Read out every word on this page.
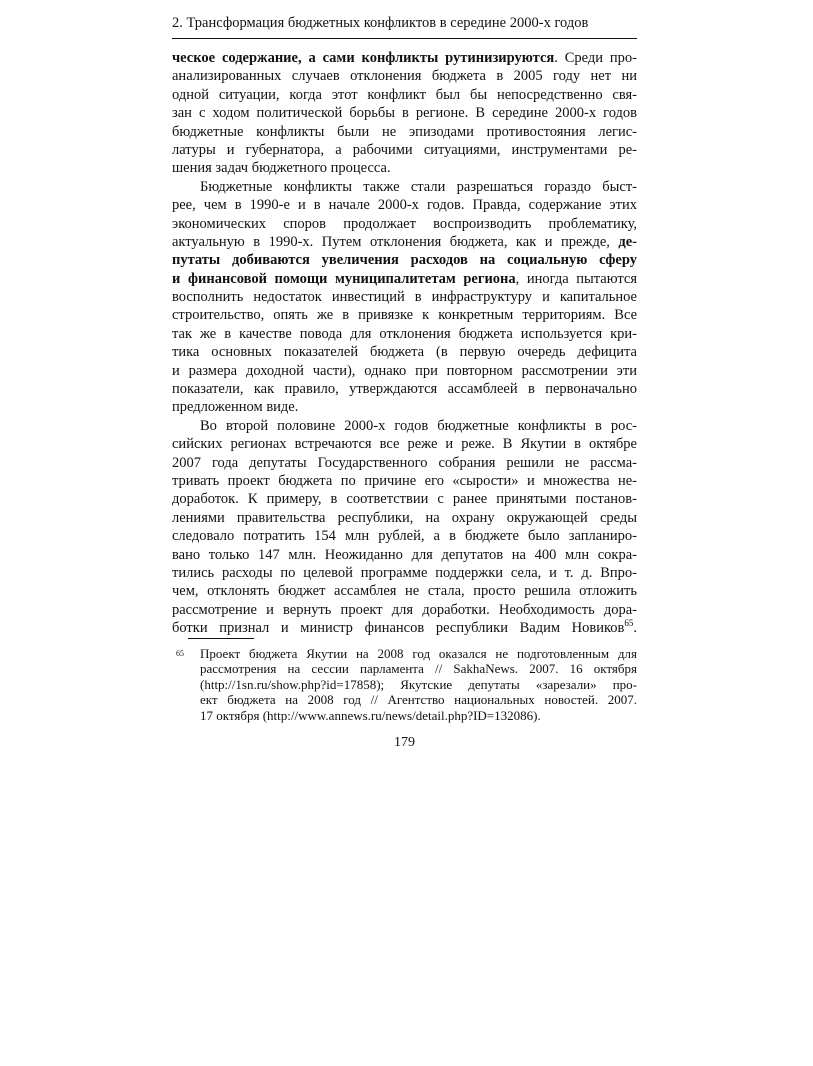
2. Трансформация бюджетных конфликтов в середине 2000-х годов
ческое содержание, а сами конфликты рутинизируются. Среди про-
анализированных случаев отклонения бюджета в 2005 году нет ни
одной ситуации, когда этот конфликт был бы непосредственно свя-
зан с ходом политической борьбы в регионе. В середине 2000-х годов
бюджетные конфликты были не эпизодами противостояния легис-
латуры и губернатора, а рабочими ситуациями, инструментами ре-
шения задач бюджетного процесса.
Бюджетные конфликты также стали разрешаться гораздо быст-
рее, чем в 1990-е и в начале 2000-х годов. Правда, содержание этих
экономических споров продолжает воспроизводить проблематику,
актуальную в 1990-х. Путем отклонения бюджета, как и прежде, де-
путаты добиваются увеличения расходов на социальную сферу
и финансовой помощи муниципалитетам региона, иногда пытаются
восполнить недостаток инвестиций в инфраструктуру и капитальное
строительство, опять же в привязке к конкретным территориям. Все
так же в качестве повода для отклонения бюджета используется кри-
тика основных показателей бюджета (в первую очередь дефицита
и размера доходной части), однако при повторном рассмотрении эти
показатели, как правило, утверждаются ассамблеей в первоначально
предложенном виде.
Во второй половине 2000-х годов бюджетные конфликты в рос-
сийских регионах встречаются все реже и реже. В Якутии в октябре
2007 года депутаты Государственного собрания решили не рассма-
тривать проект бюджета по причине его «сырости» и множества не-
доработок. К примеру, в соответствии с ранее принятыми постанов-
лениями правительства республики, на охрану окружающей среды
следовало потратить 154 млн рублей, а в бюджете было запланиро-
вано только 147 млн. Неожиданно для депутатов на 400 млн сокра-
тились расходы по целевой программе поддержки села, и т. д. Впро-
чем, отклонять бюджет ассамблея не стала, просто решила отложить
рассмотрение и вернуть проект для доработки. Необходимость дора-
ботки признал и министр финансов республики Вадим Новиков$^{65}$.
65	Проект бюджета Якутии на 2008 год оказался не подготовленным для
рассмотрения на сессии парламента // SakhaNews. 2007. 16 октября
(http://1sn.ru/show.php?id=17858); Якутские депутаты «зарезали» про-
ект бюджета на 2008 год // Агентство национальных новостей. 2007.
17 октября (http://www.annews.ru/news/detail.php?ID=132086).
179
